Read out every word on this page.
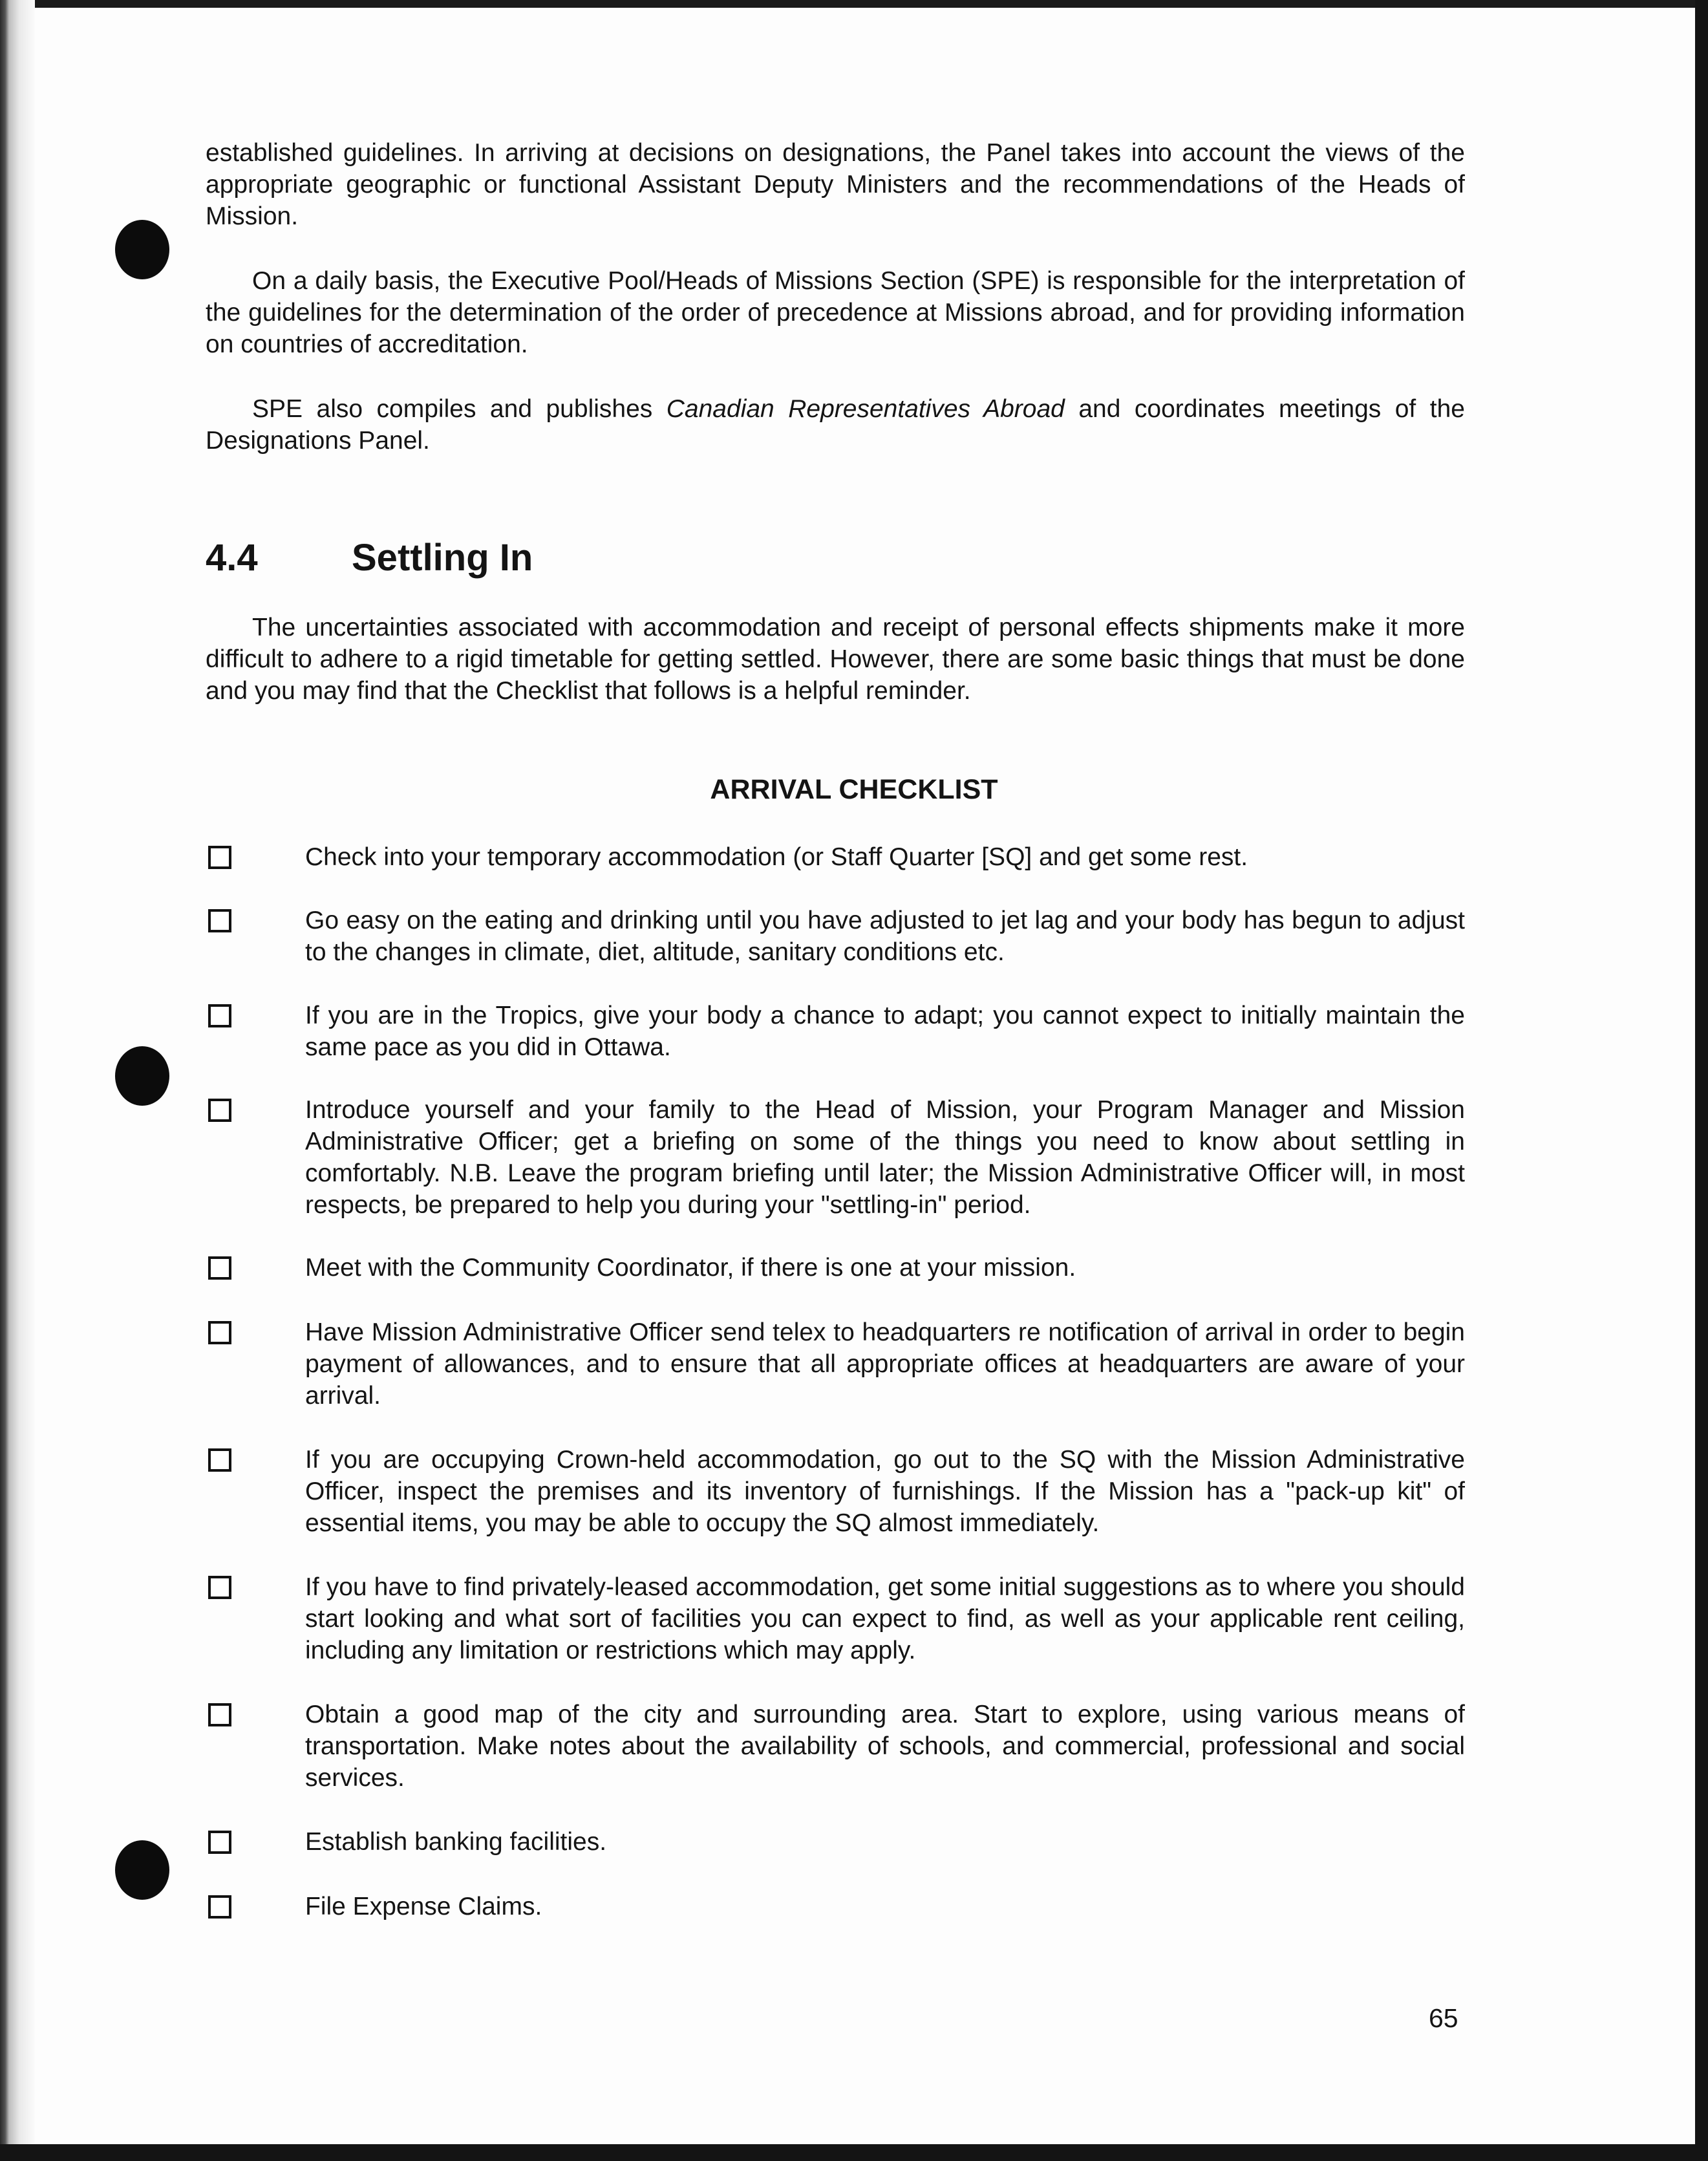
established guidelines. In arriving at decisions on designations, the Panel takes into account the views of the appropriate geographic or functional Assistant Deputy Ministers and the recommendations of the Heads of Mission.

On a daily basis, the Executive Pool/Heads of Missions Section (SPE) is responsible for the interpretation of the guidelines for the determination of the order of precedence at Missions abroad, and for providing information on countries of accreditation.

SPE also compiles and publishes Canadian Representatives Abroad and coordinates meetings of the Designations Panel.

4.4	Settling In

The uncertainties associated with accommodation and receipt of personal effects shipments make it more difficult to adhere to a rigid timetable for getting settled. However, there are some basic things that must be done and you may find that the Checklist that follows is a helpful reminder.

ARRIVAL CHECKLIST
Check into your temporary accommodation (or Staff Quarter [SQ] and get some rest.
Go easy on the eating and drinking until you have adjusted to jet lag and your body has begun to adjust to the changes in climate, diet, altitude, sanitary conditions etc.
If you are in the Tropics, give your body a chance to adapt; you cannot expect to initially maintain the same pace as you did in Ottawa.
Introduce yourself and your family to the Head of Mission, your Program Manager and Mission Administrative Officer; get a briefing on some of the things you need to know about settling in comfortably. N.B. Leave the program briefing until later; the Mission Administrative Officer will, in most respects, be prepared to help you during your "settling-in" period.
Meet with the Community Coordinator, if there is one at your mission.
Have Mission Administrative Officer send telex to headquarters re notification of arrival in order to begin payment of allowances, and to ensure that all appropriate offices at headquarters are aware of your arrival.
If you are occupying Crown-held accommodation, go out to the SQ with the Mission Administrative Officer, inspect the premises and its inventory of furnishings. If the Mission has a "pack-up kit" of essential items, you may be able to occupy the SQ almost immediately.
If you have to find privately-leased accommodation, get some initial suggestions as to where you should start looking and what sort of facilities you can expect to find, as well as your applicable rent ceiling, including any limitation or restrictions which may apply.
Obtain a good map of the city and surrounding area. Start to explore, using various means of transportation. Make notes about the availability of schools, and commercial, professional and social services.
Establish banking facilities.
File Expense Claims.
65
